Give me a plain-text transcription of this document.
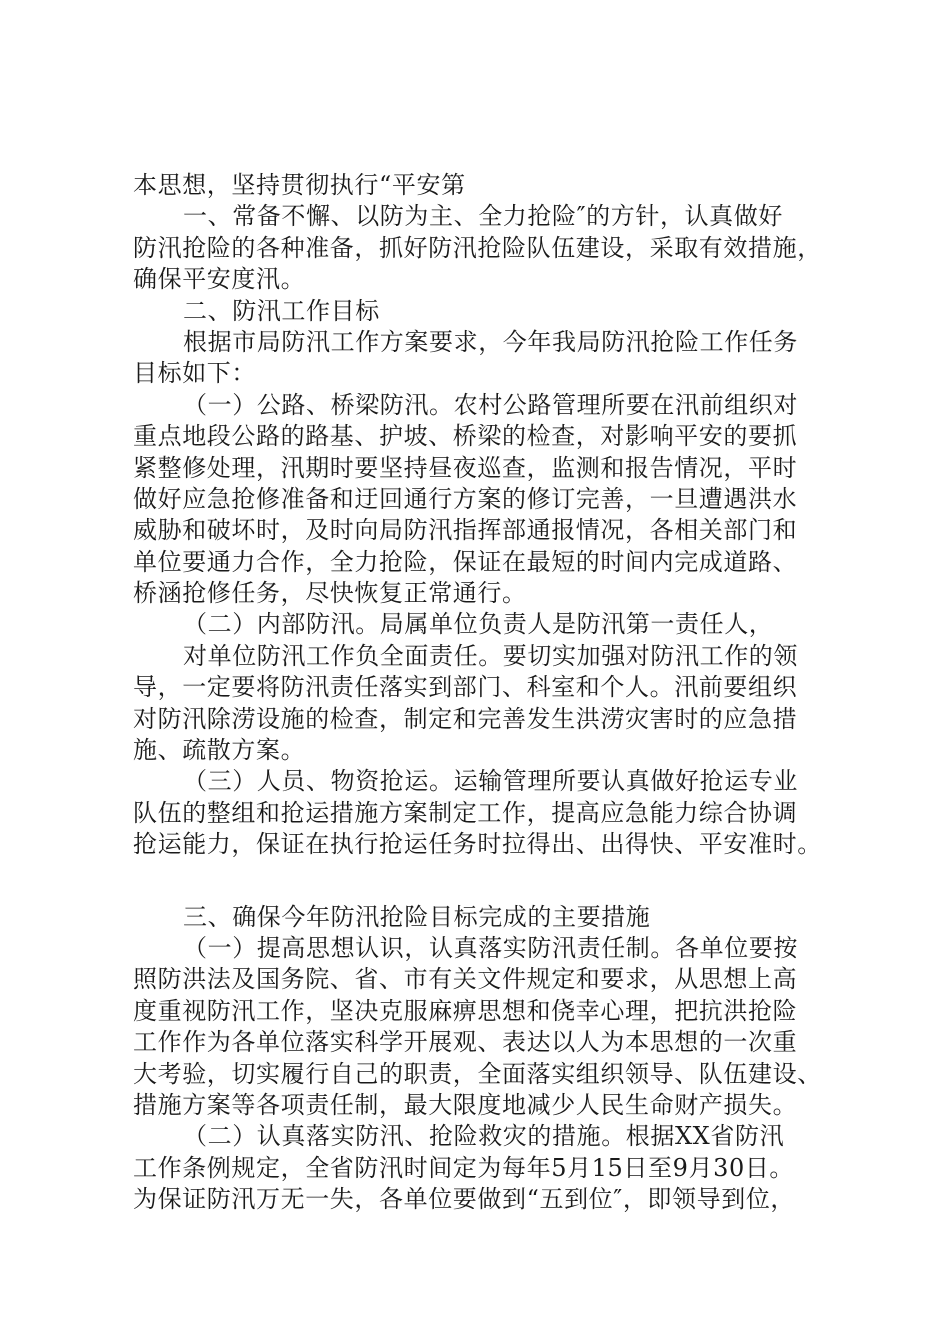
本思想，坚持贯彻执行“平安第
一、常备不懈、以防为主、全力抢险″的方针，认真做好
防汛抢险的各种准备，抓好防汛抢险队伍建设，采取有效措施，
确保平安度汛。
二、防汛工作目标
根据市局防汛工作方案要求，今年我局防汛抢险工作任务
目标如下：
（一）公路、桥梁防汛。农村公路管理所要在汛前组织对
重点地段公路的路基、护坡、桥梁的检查，对影响平安的要抓
紧整修处理，汛期时要坚持昼夜巡查，监测和报告情况，平时
做好应急抢修准备和迂回通行方案的修订完善，一旦遭遇洪水
威胁和破坏时，及时向局防汛指挥部通报情况，各相关部门和
单位要通力合作，全力抢险，保证在最短的时间内完成道路、
桥涵抢修任务，尽快恢复正常通行。
（二）内部防汛。局属单位负责人是防汛第一责任人，
对单位防汛工作负全面责任。要切实加强对防汛工作的领
导，一定要将防汛责任落实到部门、科室和个人。汛前要组织
对防汛除涝设施的检查，制定和完善发生洪涝灾害时的应急措
施、疏散方案。
（三）人员、物资抢运。运输管理所要认真做好抢运专业
队伍的整组和抢运措施方案制定工作，提高应急能力综合协调
抢运能力，保证在执行抢运任务时拉得出、出得快、平安准时。
三、确保今年防汛抢险目标完成的主要措施
（一）提高思想认识，认真落实防汛责任制。各单位要按
照防洪法及国务院、省、市有关文件规定和要求，从思想上高
度重视防汛工作，坚决克服麻痹思想和侥幸心理，把抗洪抢险
工作作为各单位落实科学开展观、表达以人为本思想的一次重
大考验，切实履行自己的职责，全面落实组织领导、队伍建设、
措施方案等各项责任制，最大限度地减少人民生命财产损失。
（二）认真落实防汛、抢险救灾的措施。根据XX省防汛
工作条例规定，全省防汛时间定为每年5月15日至9月30日。
为保证防汛万无一失，各单位要做到“五到位″，即领导到位，
